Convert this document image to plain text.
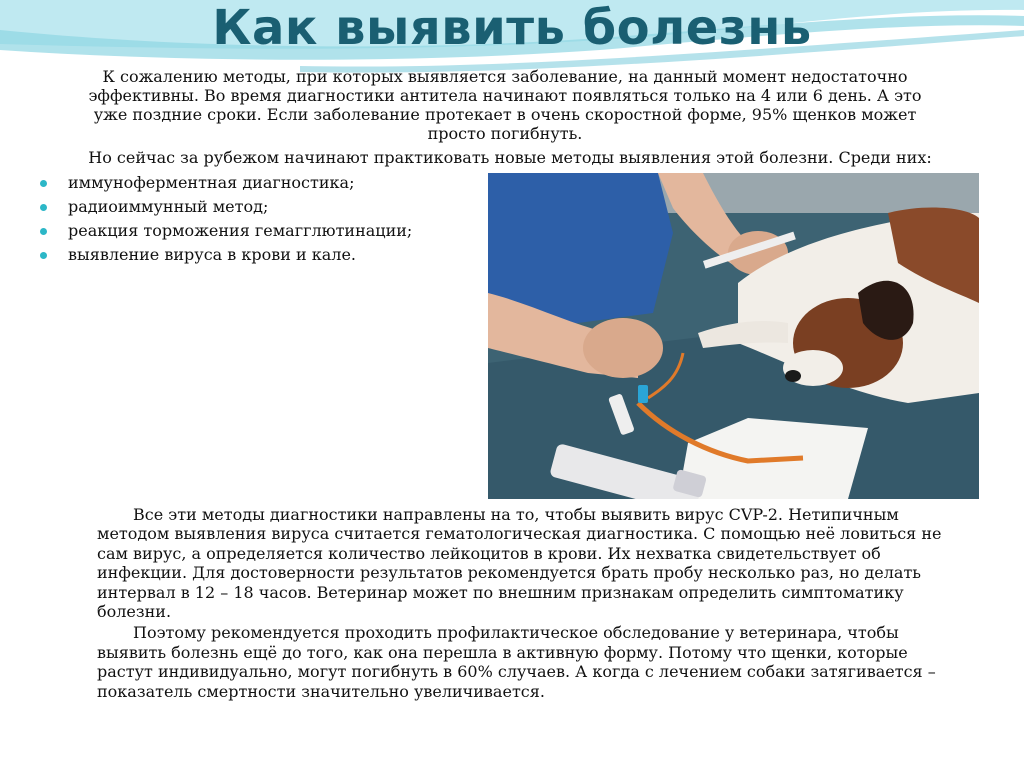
Как выявить болезнь
К сожалению методы, при которых выявляется заболевание, на данный момент недостаточно эффективны. Во время диагностики антитела начинают появляться только на 4 или 6 день. А это уже поздние сроки. Если заболевание протекает в очень скоростной форме, 95% щенков может просто погибнуть.
Но сейчас за рубежом начинают практиковать новые методы выявления этой болезни. Среди них:
иммуноферментная диагностика;
радиоиммунный метод;
реакция торможения гемагглютинации;
выявление вируса в крови и кале.

Все эти методы диагностики направлены на то, чтобы выявить вирус CVP-2. Нетипичным методом выявления вируса считается гематологическая диагностика. С помощью неё ловиться не сам вирус, а определяется количество лейкоцитов в крови. Их нехватка свидетельствует об инфекции. Для достоверности результатов рекомендуется брать пробу несколько раз, но делать интервал в 12 – 18 часов. Ветеринар может по внешним признакам определить симптоматику болезни.

Поэтому рекомендуется проходить профилактическое обследование у ветеринара, чтобы выявить болезнь ещё до того, как она перешла в активную форму. Потому что щенки, которые растут индивидуально, могут погибнуть в 60% случаев. А когда с лечением собаки затягивается – показатель смертности значительно увеличивается.
